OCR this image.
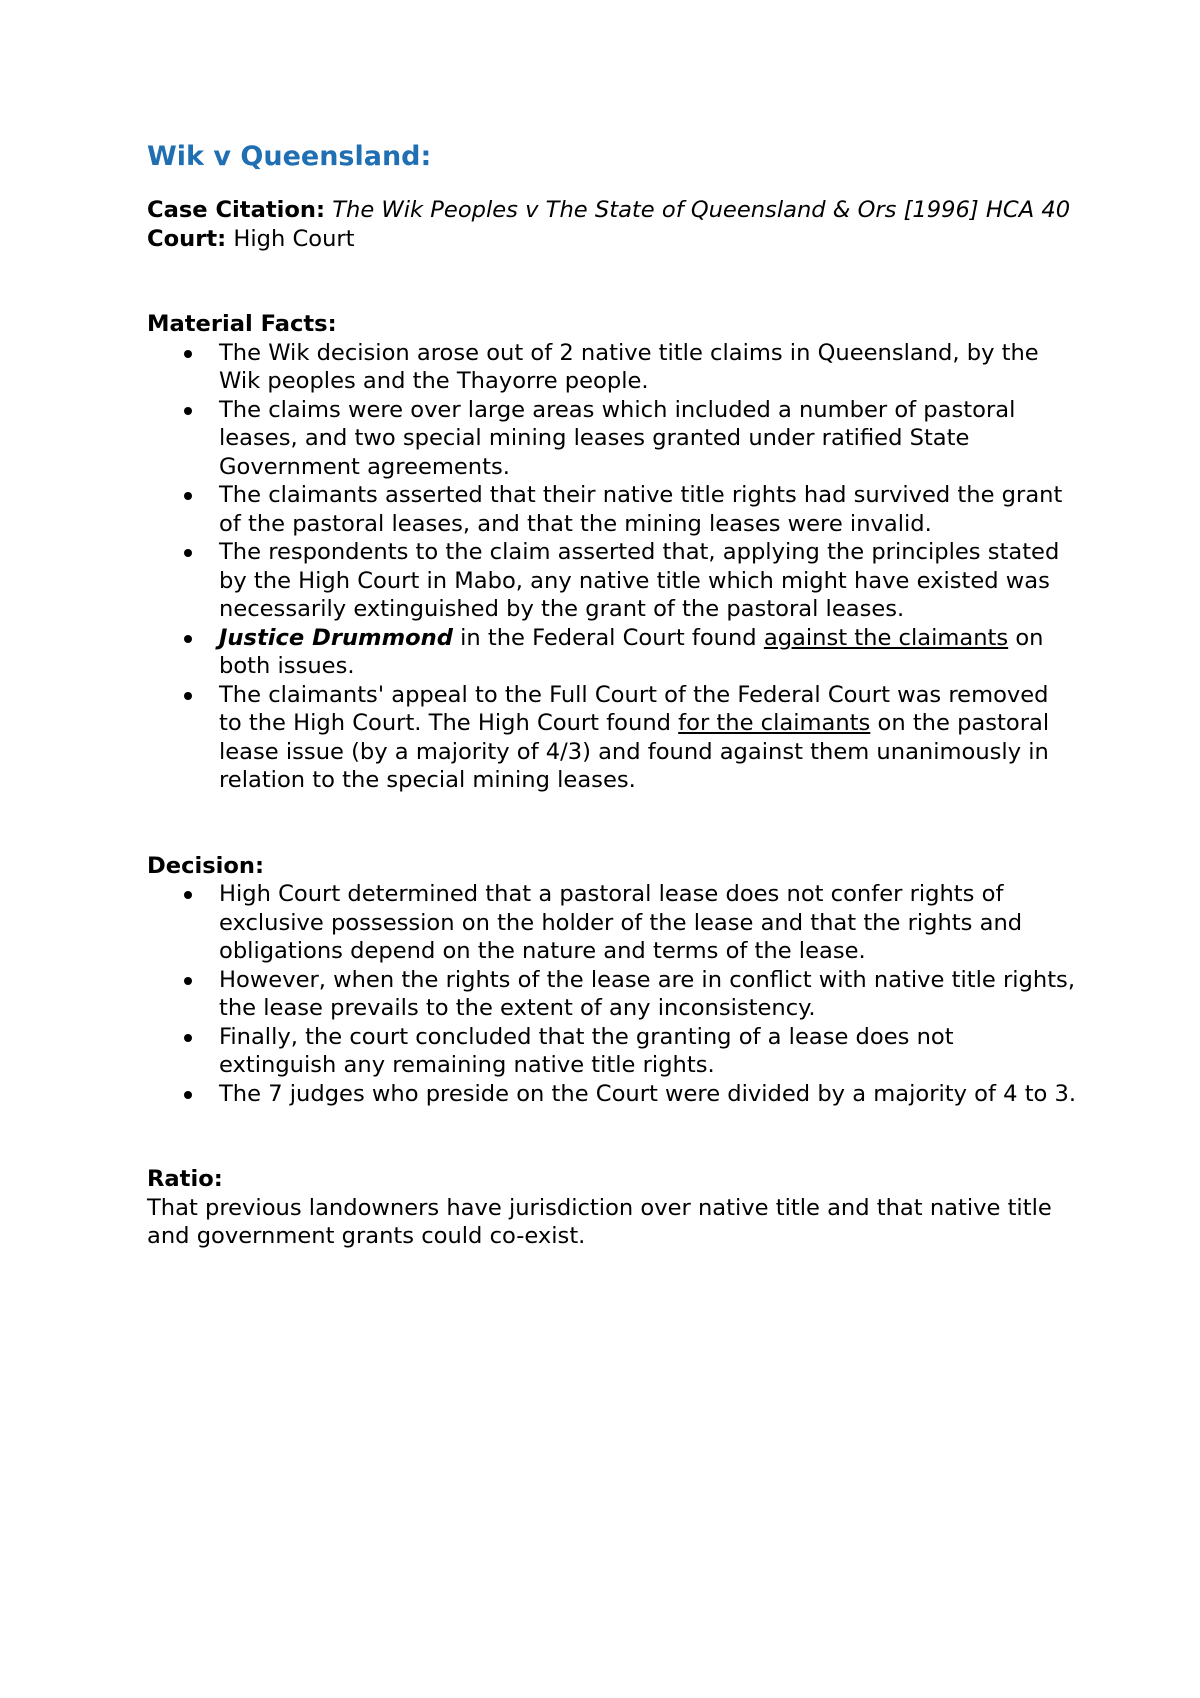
Wik v Queensland:

Case Citation: The Wik Peoples v The State of Queensland & Ors [1996] HCA 40

Court: High Court

Material Facts:

The Wik decision arose out of 2 native title claims in Queensland, by the Wik peoples and the Thayorre people.
The claims were over large areas which included a number of pastoral leases, and two special mining leases granted under ratified State Government agreements.
The claimants asserted that their native title rights had survived the grant of the pastoral leases, and that the mining leases were invalid.
The respondents to the claim asserted that, applying the principles stated by the High Court in Mabo, any native title which might have existed was necessarily extinguished by the grant of the pastoral leases.
Justice Drummond in the Federal Court found against the claimants on both issues.
The claimants' appeal to the Full Court of the Federal Court was removed to the High Court. The High Court found for the claimants on the pastoral lease issue (by a majority of 4/3) and found against them unanimously in relation to the special mining leases.

Decision:

High Court determined that a pastoral lease does not confer rights of exclusive possession on the holder of the lease and that the rights and obligations depend on the nature and terms of the lease.
However, when the rights of the lease are in conflict with native title rights, the lease prevails to the extent of any inconsistency.
Finally, the court concluded that the granting of a lease does not extinguish any remaining native title rights.
The 7 judges who preside on the Court were divided by a majority of 4 to 3.

Ratio:

That previous landowners have jurisdiction over native title and that native title and government grants could co-exist.
